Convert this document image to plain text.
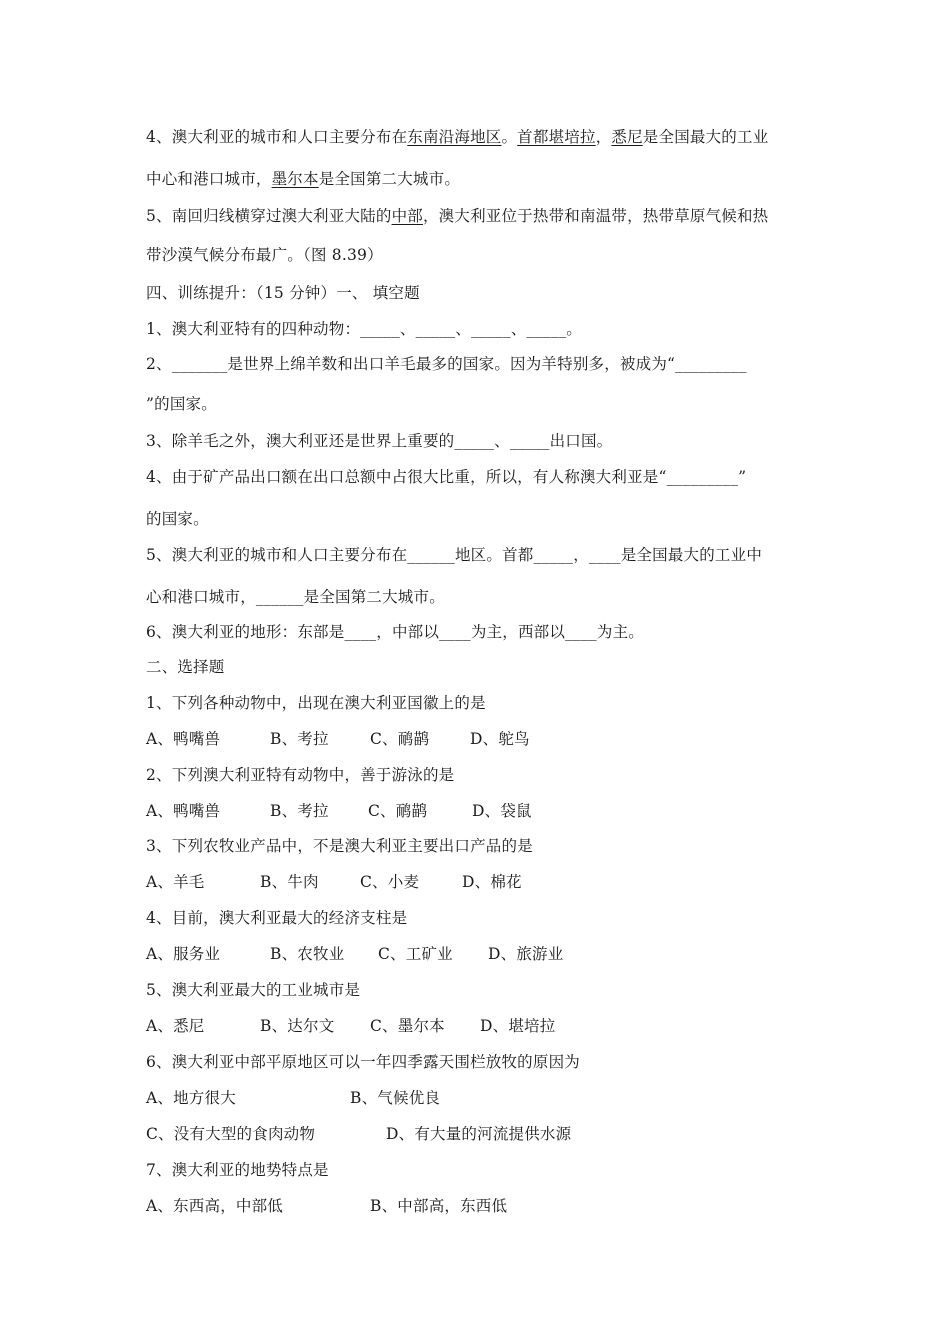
4、澳大利亚的城市和人口主要分布在东南沿海地区。首都堪培拉，悉尼是全国最大的工业
中心和港口城市，墨尔本是全国第二大城市。
5、南回归线横穿过澳大利亚大陆的中部，澳大利亚位于热带和南温带，热带草原气候和热
带沙漠气候分布最广。（图 8.39）
四、训练提升：（15 分钟）一、 填空题
1、澳大利亚特有的四种动物：_____、_____、_____、_____。
2、_______是世界上绵羊数和出口羊毛最多的国家。因为羊特别多，被成为“_________
”的国家。
3、除羊毛之外，澳大利亚还是世界上重要的_____、_____出口国。
4、由于矿产品出口额在出口总额中占很大比重，所以，有人称澳大利亚是“_________”
的国家。
5、澳大利亚的城市和人口主要分布在______地区。首都_____，____是全国最大的工业中
心和港口城市，______是全国第二大城市。
6、澳大利亚的地形：东部是____，中部以____为主，西部以____为主。
二、选择题
1、下列各种动物中，出现在澳大利亚国徽上的是
A、鸭嘴兽	B、考拉	C、鸸鹋	D、鸵鸟
2、下列澳大利亚特有动物中，善于游泳的是
A、鸭嘴兽	B、考拉	C、鸸鹋	D、袋鼠
3、下列农牧业产品中，不是澳大利亚主要出口产品的是
A、羊毛	B、牛肉	C、小麦	D、棉花
4、目前，澳大利亚最大的经济支柱是
A、服务业	B、农牧业 C、工矿业 D、旅游业
5、澳大利亚最大的工业城市是
A、悉尼	B、达尔文 C、墨尔本 D、堪培拉
6、澳大利亚中部平原地区可以一年四季露天围栏放牧的原因为
A、地方很大	B、气候优良
C、没有大型的食肉动物	D、有大量的河流提供水源
7、澳大利亚的地势特点是
A、东西高，中部低	B、中部高，东西低
